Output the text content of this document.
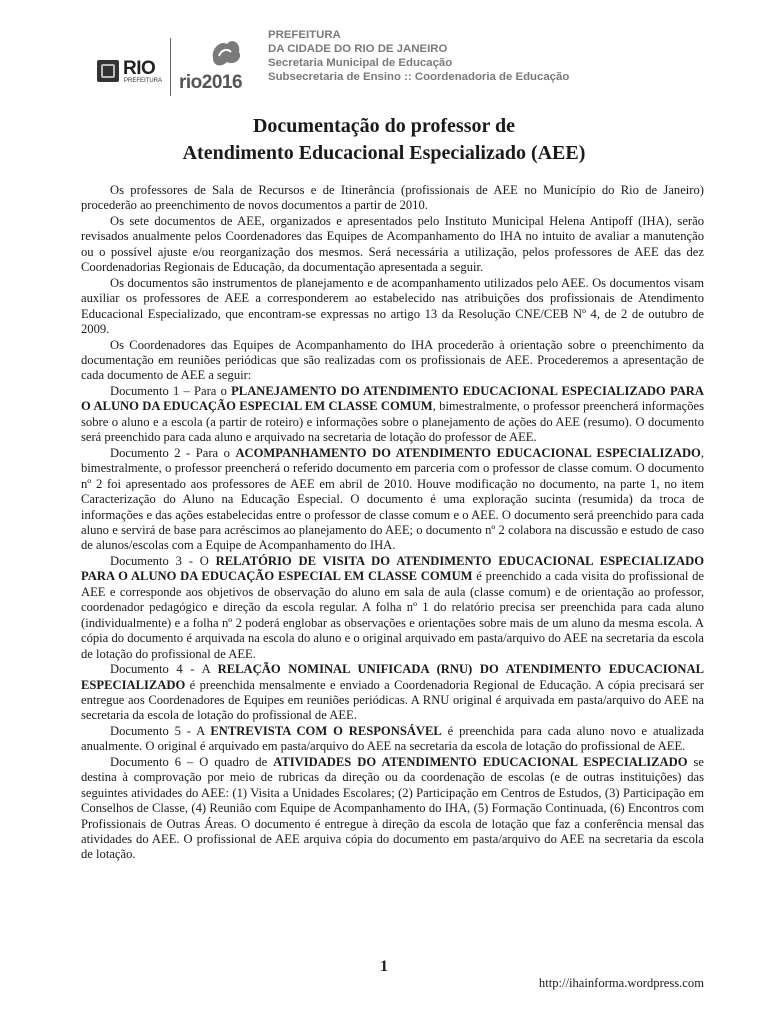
RIO
PREFEITURA rio2016
PREFEITURA
DA CIDADE DO RIO DE JANEIRO
Secretaria Municipal de Educação
Subsecretaria de Ensino :: Coordenadoria de Educação
Documentação do professor de
Atendimento Educacional Especializado (AEE)

Os professores de Sala de Recursos e de Itinerância (profissionais de AEE no Município do Rio de Janeiro) procederão ao preenchimento de novos documentos a partir de 2010.

Os sete documentos de AEE, organizados e apresentados pelo Instituto Municipal Helena Antipoff (IHA), serão revisados anualmente pelos Coordenadores das Equipes de Acompanhamento do IHA no intuito de avaliar a manutenção ou o possível ajuste e/ou reorganização dos mesmos. Será necessária a utilização, pelos professores de AEE das dez Coordenadorias Regionais de Educação, da documentação apresentada a seguir.

Os documentos são instrumentos de planejamento e de acompanhamento utilizados pelo AEE. Os documentos visam auxiliar os professores de AEE a corresponderem ao estabelecido nas atribuições dos profissionais de Atendimento Educacional Especializado, que encontram-se expressas no artigo 13 da Resolução CNE/CEB Nº 4, de 2 de outubro de 2009.

Os Coordenadores das Equipes de Acompanhamento do IHA procederão à orientação sobre o preenchimento da documentação em reuniões periódicas que são realizadas com os profissionais de AEE. Procederemos a apresentação de cada documento de AEE a seguir:

Documento 1 – Para o PLANEJAMENTO DO ATENDIMENTO EDUCACIONAL ESPECIALIZADO PARA O ALUNO DA EDUCAÇÃO ESPECIAL EM CLASSE COMUM, bimestralmente, o professor preencherá informações sobre o aluno e a escola (a partir de roteiro) e informações sobre o planejamento de ações do AEE (resumo). O documento será preenchido para cada aluno e arquivado na secretaria de lotação do professor de AEE.

Documento 2 - Para o ACOMPANHAMENTO DO ATENDIMENTO EDUCACIONAL ESPECIALIZADO, bimestralmente, o professor preencherá o referido documento em parceria com o professor de classe comum. O documento nº 2 foi apresentado aos professores de AEE em abril de 2010. Houve modificação no documento, na parte 1, no item Caracterização do Aluno na Educação Especial. O documento é uma exploração sucinta (resumida) da troca de informações e das ações estabelecidas entre o professor de classe comum e o AEE. O documento será preenchido para cada aluno e servirá de base para acréscimos ao planejamento do AEE; o documento nº 2 colabora na discussão e estudo de caso de alunos/escolas com a Equipe de Acompanhamento do IHA.

Documento 3 - O RELATÓRIO DE VISITA DO ATENDIMENTO EDUCACIONAL ESPECIALIZADO PARA O ALUNO DA EDUCAÇÃO ESPECIAL EM CLASSE COMUM é preenchido a cada visita do profissional de AEE e corresponde aos objetivos de observação do aluno em sala de aula (classe comum) e de orientação ao professor, coordenador pedagógico e direção da escola regular. A folha nº 1 do relatório precisa ser preenchida para cada aluno (individualmente) e a folha nº 2 poderá englobar as observações e orientações sobre mais de um aluno da mesma escola. A cópia do documento é arquivada na escola do aluno e o original arquivado em pasta/arquivo do AEE na secretaria da escola de lotação do profissional de AEE.

Documento 4 - A RELAÇÃO NOMINAL UNIFICADA (RNU) DO ATENDIMENTO EDUCACIONAL ESPECIALIZADO é preenchida mensalmente e enviado a Coordenadoria Regional de Educação. A cópia precisará ser entregue aos Coordenadores de Equipes em reuniões periódicas. A RNU original é arquivada em pasta/arquivo do AEE na secretaria da escola de lotação do profissional de AEE.

Documento 5 - A ENTREVISTA COM O RESPONSÁVEL é preenchida para cada aluno novo e atualizada anualmente. O original é arquivado em pasta/arquivo do AEE na secretaria da escola de lotação do profissional de AEE.

Documento 6 – O quadro de ATIVIDADES DO ATENDIMENTO EDUCACIONAL ESPECIALIZADO se destina à comprovação por meio de rubricas da direção ou da coordenação de escolas (e de outras instituições) das seguintes atividades do AEE: (1) Visita a Unidades Escolares; (2) Participação em Centros de Estudos, (3) Participação em Conselhos de Classe, (4) Reunião com Equipe de Acompanhamento do IHA, (5) Formação Continuada, (6) Encontros com Profissionais de Outras Áreas. O documento é entregue à direção da escola de lotação que faz a conferência mensal das atividades do AEE. O profissional de AEE arquiva cópia do documento em pasta/arquivo do AEE na secretaria da escola de lotação.

1
http://ihainforma.wordpress.com
